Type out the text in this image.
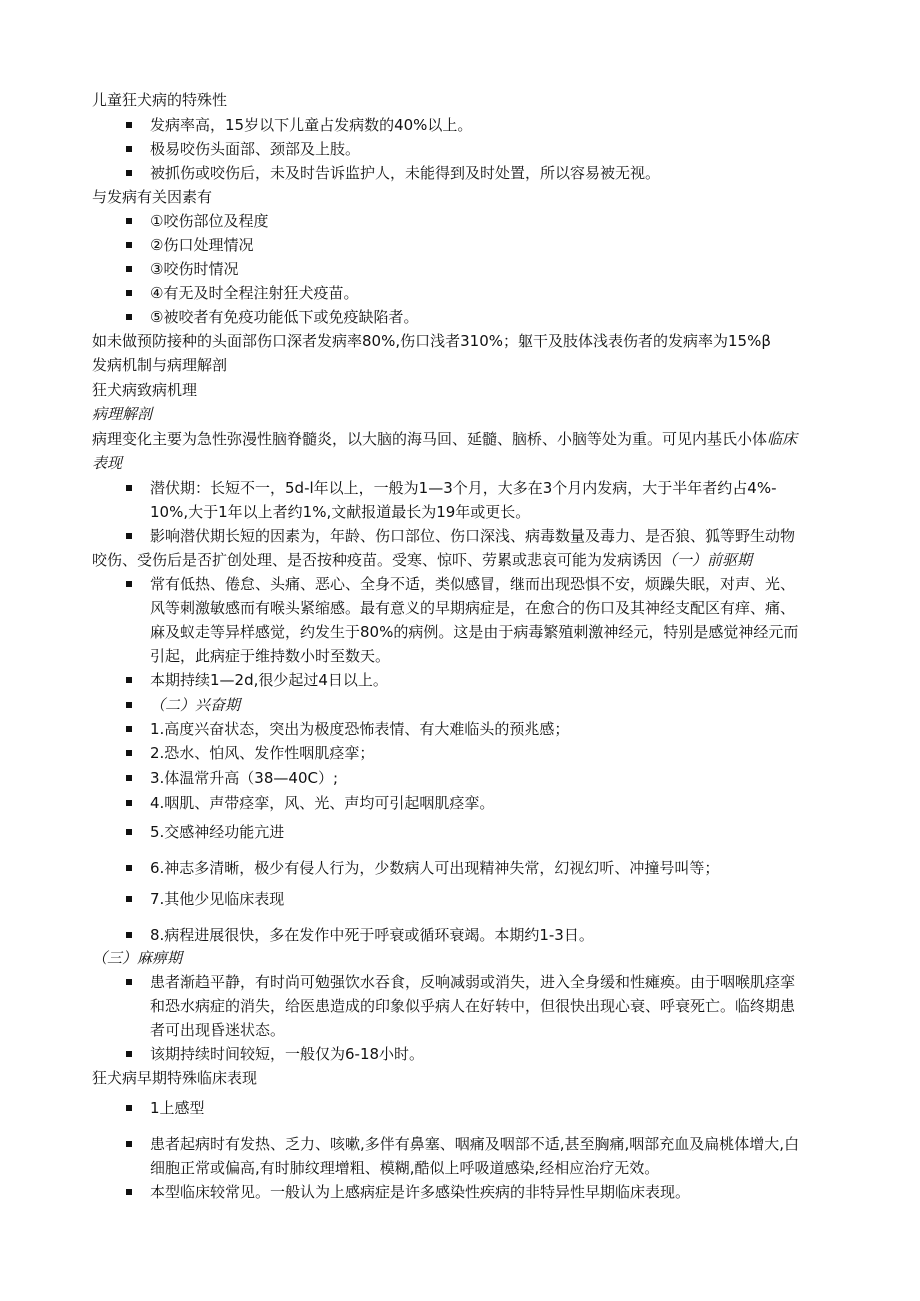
儿童狂犬病的特殊性
发病率高，15岁以下儿童占发病数的40%以上。
极易咬伤头面部、颈部及上肢。
被抓伤或咬伤后，未及时告诉监护人，未能得到及时处置，所以容易被无视。
与发病有关因素有
①咬伤部位及程度
②伤口处理情况
③咬伤时情况
④有无及时全程注射狂犬疫苗。
⑤被咬者有免疫功能低下或免疫缺陷者。
如未做预防接种的头面部伤口深者发病率80%,伤口浅者310%；躯干及肢体浅表伤者的发病率为15%β
发病机制与病理解剖
狂犬病致病机理
病理解剖
病理变化主要为急性弥漫性脑脊髓炎，以大脑的海马回、延髓、脑桥、小脑等处为重。可见内基氏小体临床
表现
潜伏期：长短不一，5d-l年以上，一般为1—3个月，大多在3个月内发病，大于半年者约占4%-
10%,大于1年以上者约1%,文献报道最长为19年或更长。
影响潜伏期长短的因素为，年龄、伤口部位、伤口深浅、病毒数量及毒力、是否狼、狐等野生动物
咬伤、受伤后是否扩创处理、是否按种疫苗。受寒、惊吓、劳累或悲哀可能为发病诱因（一）前驱期
常有低热、倦怠、头痛、恶心、全身不适，类似感冒，继而出现恐惧不安，烦躁失眠，对声、光、
风等刺激敏感而有喉头紧缩感。最有意义的早期病症是，在愈合的伤口及其神经支配区有痒、痛、
麻及蚁走等异样感觉，约发生于80%的病例。这是由于病毒繁殖刺激神经元，特别是感觉神经元而
引起，此病症于维持数小时至数天。
本期持续1—2d,很少起过4日以上。
（二）兴奋期
1.高度兴奋状态，突出为极度恐怖表情、有大难临头的预兆感；
2.恐水、怕风、发作性咽肌痉挛；
3.体温常升高（38—40C）;
4.咽肌、声带痉挛，风、光、声均可引起咽肌痉挛。
5.交感神经功能亢进
6.神志多清晰，极少有侵人行为，少数病人可出现精神失常，幻视幻听、冲撞号叫等；
7.其他少见临床表现
8.病程进展很快，多在发作中死于呼衰或循环衰竭。本期约1-3日。
（三）麻痹期
患者渐趋平静，有时尚可勉强饮水吞食，反响减弱或消失，进入全身缓和性瘫痪。由于咽喉肌痉挛
和恐水病症的消失，给医患造成的印象似乎病人在好转中，但很快出现心衰、呼衰死亡。临终期患
者可出现昏迷状态。
该期持续时间较短，一般仅为6-18小时。
狂犬病早期特殊临床表现
1上感型
患者起病时有发热、乏力、咳嗽,多伴有鼻塞、咽痛及咽部不适,甚至胸痛,咽部充血及扁桃体增大,白
细胞正常或偏高,有时肺纹理增粗、模糊,酷似上呼吸道感染,经相应治疗无效。
本型临床较常见。一般认为上感病症是许多感染性疾病的非特异性早期临床表现。
